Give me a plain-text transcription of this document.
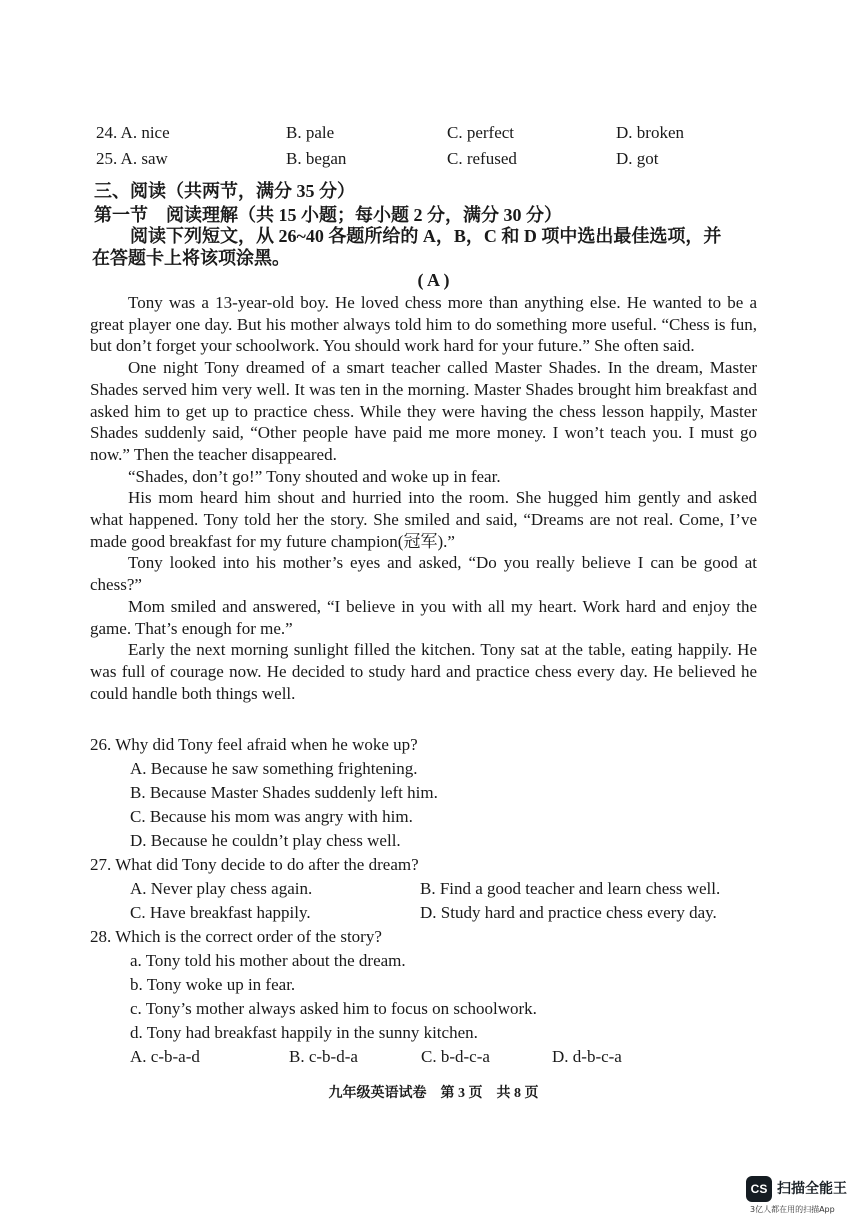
24. A. nice	B. pale	C. perfect	D. broken
25. A. saw	B. began	C. refused	D. got
三、阅读（共两节，满分 35 分）
第一节　阅读理解（共 15 小题；每小题 2 分，满分 30 分）

阅读下列短文，从 26~40 各题所给的 A，B，C 和 D 项中选出最佳选项，并

在答题卡上将该项涂黑。

( A )

Tony was a 13-year-old boy. He loved chess more than anything else. He wanted to be a great player one day. But his mother always told him to do something more useful. “Chess is fun, but don’t forget your schoolwork. You should work hard for your future.” She often said.

One night Tony dreamed of a smart teacher called Master Shades. In the dream, Master Shades served him very well. It was ten in the morning. Master Shades brought him breakfast and asked him to get up to practice chess. While they were having the chess lesson happily, Master Shades suddenly said, “Other people have paid me more money. I won’t teach you. I must go now.” Then the teacher disappeared.

“Shades, don’t go!” Tony shouted and woke up in fear.

His mom heard him shout and hurried into the room. She hugged him gently and asked what happened. Tony told her the story. She smiled and said, “Dreams are not real. Come, I’ve made good breakfast for my future champion(冠军).”

Tony looked into his mother’s eyes and asked, “Do you really believe I can be good at chess?”

Mom smiled and answered, “I believe in you with all my heart. Work hard and enjoy the game. That’s enough for me.”

Early the next morning sunlight filled the kitchen. Tony sat at the table, eating happily. He was full of courage now. He decided to study hard and practice chess every day. He believed he could handle both things well.

26. Why did Tony feel afraid when he woke up?
A. Because he saw something frightening.
B. Because Master Shades suddenly left him.
C. Because his mom was angry with him.
D. Because he couldn’t play chess well.
27. What did Tony decide to do after the dream?
A. Never play chess again.	B. Find a good teacher and learn chess well.
C. Have breakfast happily.	D. Study hard and practice chess every day.
28. Which is the correct order of the story?
a. Tony told his mother about the dream.
b. Tony woke up in fear.
c. Tony’s mother always asked him to focus on schoolwork.
d. Tony had breakfast happily in the sunny kitchen.
A. c-b-a-d	B. c-b-d-a	C. b-d-c-a	D. d-b-c-a
九年级英语试卷　第 3 页　共 8 页
CS 扫描全能王
3亿人都在用的扫描App
